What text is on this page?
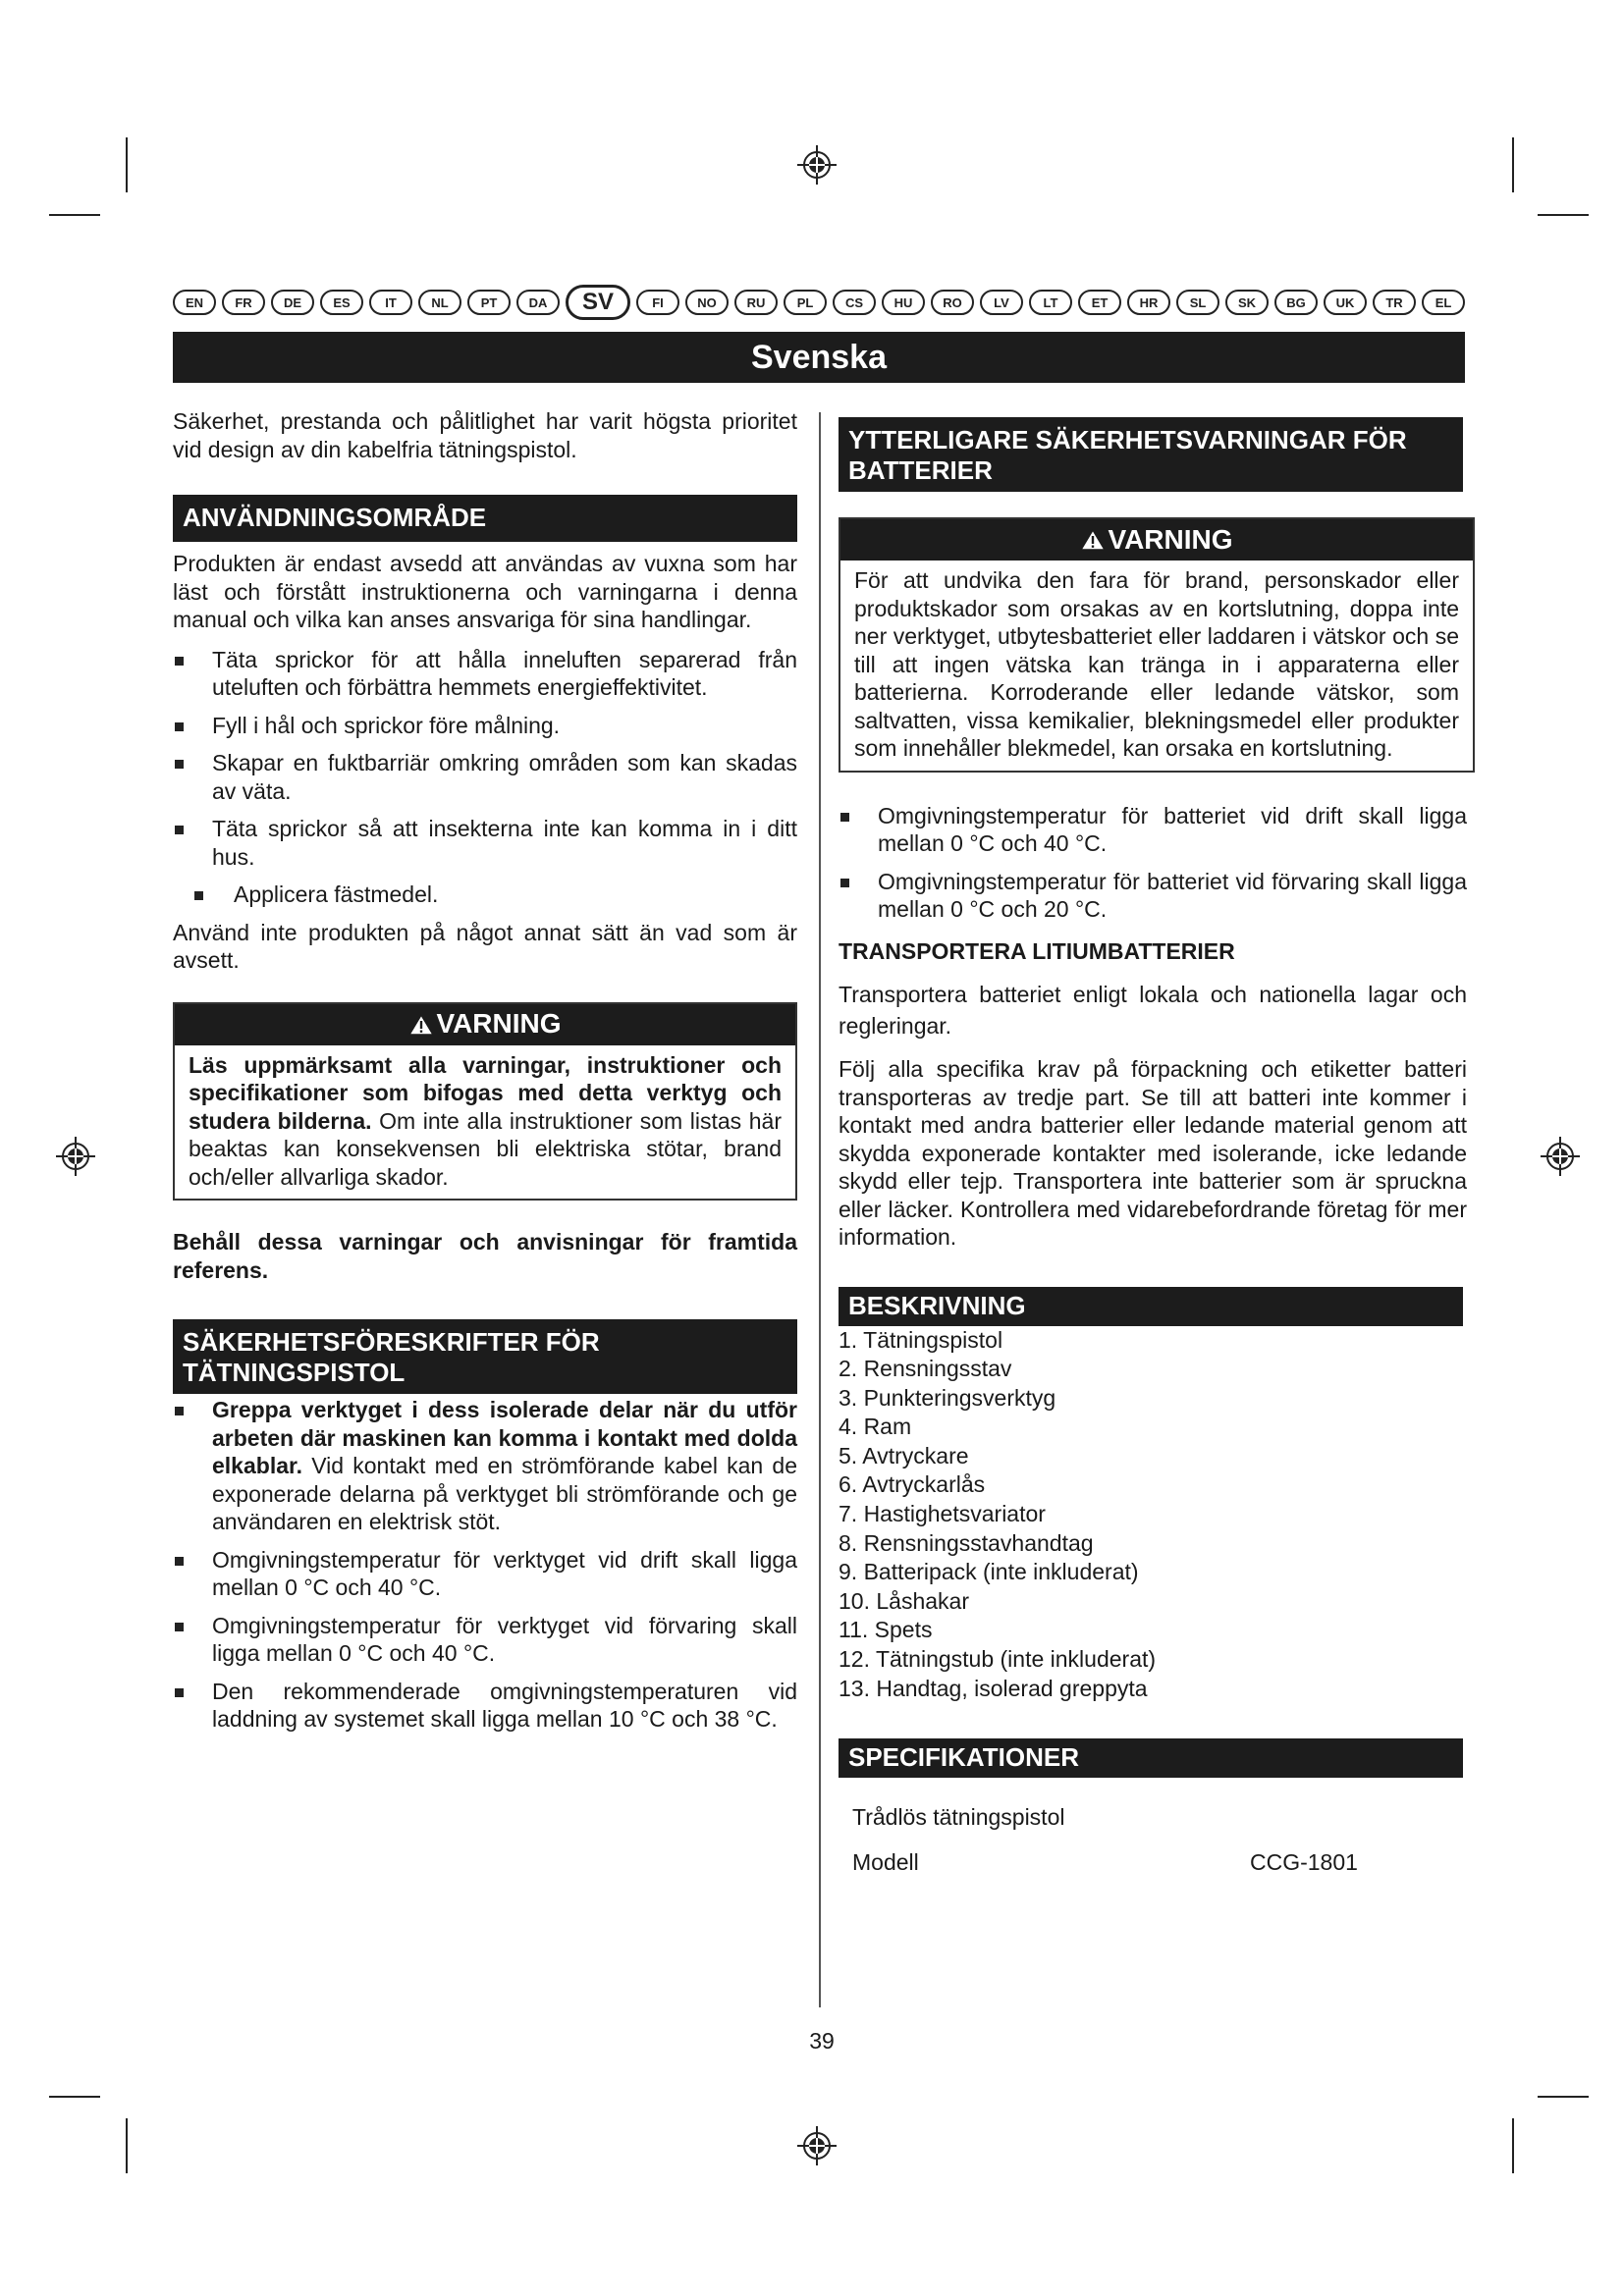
EN	FR	DE	ES	IT	NL	PT	DA	SV	FI	NO	RU	PL	CS	HU	RO	LV	LT	ET	HR	SL	SK	BG	UK	TR	EL
Svenska

Säkerhet, prestanda och pålitlighet har varit högsta prioritet vid design av din kabelfria tätningspistol.

ANVÄNDNINGSOMRÅDE

Produkten är endast avsedd att användas av vuxna som har läst och förstått instruktionerna och varningarna i denna manual och vilka kan anses ansvariga för sina handlingar.

Täta sprickor för att hålla inneluften separerad från uteluften och förbättra hemmets energieffektivitet.
Fyll i hål och sprickor före målning.
Skapar en fuktbarriär omkring områden som kan skadas av väta.
Täta sprickor så att insekterna inte kan komma in i ditt hus.
Applicera fästmedel.

Använd inte produkten på något annat sätt än vad som är avsett.

VARNING
Läs uppmärksamt alla varningar, instruktioner och specifikationer som bifogas med detta verktyg och studera bilderna. Om inte alla instruktioner som listas här beaktas kan konsekvensen bli elektriska stötar, brand och/eller allvarliga skador.

Behåll dessa varningar och anvisningar för framtida referens.

SÄKERHETSFÖRESKRIFTER FÖR TÄTNINGSPISTOL
Greppa verktyget i dess isolerade delar när du utför arbeten där maskinen kan komma i kontakt med dolda elkablar. Vid kontakt med en strömförande kabel kan de exponerade delarna på verktyget bli strömförande och ge användaren en elektrisk stöt.
Omgivningstemperatur för verktyget vid drift skall ligga mellan 0 °C och 40 °C.
Omgivningstemperatur för verktyget vid förvaring skall ligga mellan 0 °C och 40 °C.
Den rekommenderade omgivningstemperaturen vid laddning av systemet skall ligga mellan 10 °C och 38 °C.
YTTERLIGARE SÄKERHETSVARNINGAR FÖR BATTERIER
VARNING
För att undvika den fara för brand, personskador eller produktskador som orsakas av en kortslutning, doppa inte ner verktyget, utbytesbatteriet eller laddaren i vätskor och se till att ingen vätska kan tränga in i apparaterna eller batterierna. Korroderande eller ledande vätskor, som saltvatten, vissa kemikalier, blekningsmedel eller produkter som innehåller blekmedel, kan orsaka en kortslutning.
Omgivningstemperatur för batteriet vid drift skall ligga mellan 0 °C och 40 °C.
Omgivningstemperatur för batteriet vid förvaring skall ligga mellan 0 °C och 20 °C.

TRANSPORTERA LITIUMBATTERIER

Transportera batteriet enligt lokala och nationella lagar och regleringar.

Följ alla specifika krav på förpackning och etiketter batteri transporteras av tredje part. Se till att batteri inte kommer i kontakt med andra batterier eller ledande material genom att skydda exponerade kontakter med isolerande, icke ledande skydd eller tejp. Transportera inte batterier som är spruckna eller läcker. Kontrollera med vidarebefordrande företag för mer information.

BESKRIVNING
1. Tätningspistol
2. Rensningsstav
3. Punkteringsverktyg
4. Ram
5. Avtryckare
6. Avtryckarlås
7. Hastighetsvariator
8. Rensningsstavhandtag
9. Batteripack (inte inkluderat)
10. Låshakar
11. Spets
12. Tätningstub (inte inkluderat)
13. Handtag, isolerad greppyta
SPECIFIKATIONER
Trådlös tätningspistol
Modell	CCG-1801
39
